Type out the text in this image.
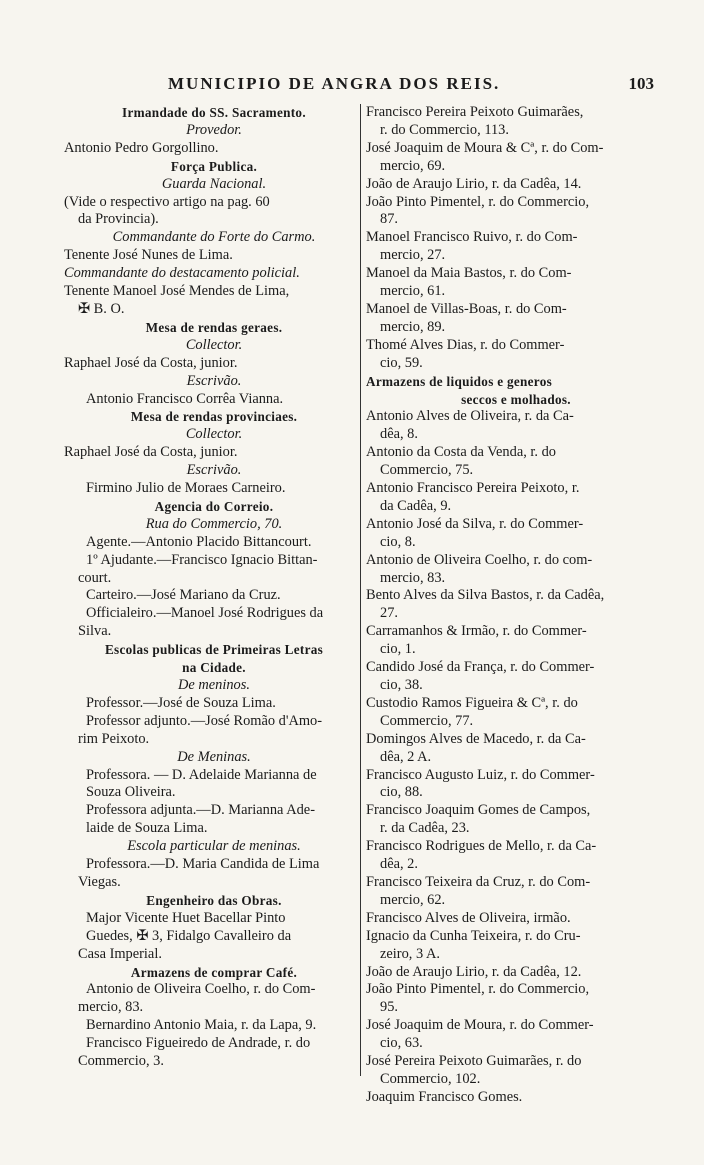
MUNICIPIO DE ANGRA DOS REIS.	103
Irmandade do SS. Sacramento.
Provedor.
Antonio Pedro Gorgollino.
Força Publica.
Guarda Nacional.
(Vide o respectivo artigo na pag. 60
da Provincia).
Commandante do Forte do Carmo.
Tenente José Nunes de Lima.
Commandante do destacamento policial.
Tenente Manoel José Mendes de Lima,
✠ B. O.
Mesa de rendas geraes.
Collector.
Raphael José da Costa, junior.
Escrivão.
Antonio Francisco Corrêa Vianna.
Mesa de rendas provinciaes.
Collector.
Raphael José da Costa, junior.
Escrivão.
Firmino Julio de Moraes Carneiro.
Agencia do Correio.
Rua do Commercio, 70.
Agente.—Antonio Placido Bittancourt.
1º Ajudante.—Francisco Ignacio Bittan-
court.
Carteiro.—José Mariano da Cruz.
Officialeiro.—Manoel José Rodrigues da
Silva.
Escolas publicas de Primeiras Letras
na Cidade.
De meninos.
Professor.—José de Souza Lima.
Professor adjunto.—José Romão d'Amo-
rim Peixoto.
De Meninas.
Professora. — D. Adelaide Marianna de
Souza Oliveira.
Professora adjunta.—D. Marianna Ade-
laide de Souza Lima.
Escola particular de meninas.
Professora.—D. Maria Candida de Lima
Viegas.
Engenheiro das Obras.
Major Vicente Huet Bacellar Pinto
Guedes, ✠ 3, Fidalgo Cavalleiro da
Casa Imperial.
Armazens de comprar Café.
Antonio de Oliveira Coelho, r. do Com-
mercio, 83.
Bernardino Antonio Maia, r. da Lapa, 9.
Francisco Figueiredo de Andrade, r. do
Commercio, 3.
Francisco Pereira Peixoto Guimarães,
r. do Commercio, 113.
José Joaquim de Moura & Cª, r. do Com-
mercio, 69.
João de Araujo Lirio, r. da Cadêa, 14.
João Pinto Pimentel, r. do Commercio,
87.
Manoel Francisco Ruivo, r. do Com-
mercio, 27.
Manoel da Maia Bastos, r. do Com-
mercio, 61.
Manoel de Villas-Boas, r. do Com-
mercio, 89.
Thomé Alves Dias, r. do Commer-
cio, 59.
Armazens de liquidos e generos
seccos e molhados.
Antonio Alves de Oliveira, r. da Ca-
dêa, 8.
Antonio da Costa da Venda, r. do
Commercio, 75.
Antonio Francisco Pereira Peixoto, r.
da Cadêa, 9.
Antonio José da Silva, r. do Commer-
cio, 8.
Antonio de Oliveira Coelho, r. do com-
mercio, 83.
Bento Alves da Silva Bastos, r. da Cadêa,
27.
Carramanhos & Irmão, r. do Commer-
cio, 1.
Candido José da França, r. do Commer-
cio, 38.
Custodio Ramos Figueira & Cª, r. do
Commercio, 77.
Domingos Alves de Macedo, r. da Ca-
dêa, 2 A.
Francisco Augusto Luiz, r. do Commer-
cio, 88.
Francisco Joaquim Gomes de Campos,
r. da Cadêa, 23.
Francisco Rodrigues de Mello, r. da Ca-
dêa, 2.
Francisco Teixeira da Cruz, r. do Com-
mercio, 62.
Francisco Alves de Oliveira, irmão.
Ignacio da Cunha Teixeira, r. do Cru-
zeiro, 3 A.
João de Araujo Lirio, r. da Cadêa, 12.
João Pinto Pimentel, r. do Commercio,
95.
José Joaquim de Moura, r. do Commer-
cio, 63.
José Pereira Peixoto Guimarães, r. do
Commercio, 102.
Joaquim Francisco Gomes.
